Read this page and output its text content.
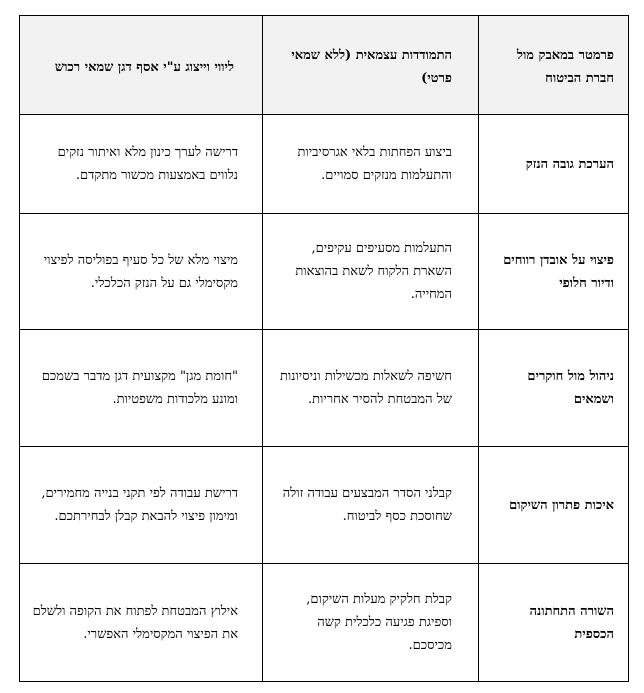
פרמטר במאבק מול חברת הביטוח	התמודדות עצמאית (ללא שמאי פרטי)	ליווי וייצוג ע"י אסף דגן שמאי רכוש

הערכת גובה הנזק	ביצוע הפחתות בלאי אגרסיביות והתעלמות מנזקים סמויים.	דרישה לערך כינון מלא ואיתור נזקים נלווים באמצעות מכשור מתקדם.

פיצוי על אובדן רווחים ודיור חלופי	התעלמות מסעיפים עקיפים, השארת הלקוח לשאת בהוצאות המחייה.	מיצוי מלא של כל סעיף בפוליסה לפיצוי מקסימלי גם על הנזק הכלכלי.

ניהול מול חוקרים ושמאים	חשיפה לשאלות מכשילות וניסיונות של המבטחת להסיר אחריות.	"חומת מגן" מקצועית דגן מדבר בשמכם ומונע מלכודות משפטיות.

איכות פתרון השיקום	קבלני הסדר המבצעים עבודה זולה שחוסכת כסף לביטוח.	דרישת עבודה לפי תקני בנייה מחמירים, ומימון פיצוי להבאת קבלן לבחירתכם.

השורה התחתונה הכספית	קבלת חלקיק מעלות השיקום, וספיגת פגיעה כלכלית קשה מכיסכם.	אילוץ המבטחת לפתוח את הקופה ולשלם את הפיצוי המקסימלי האפשרי.
